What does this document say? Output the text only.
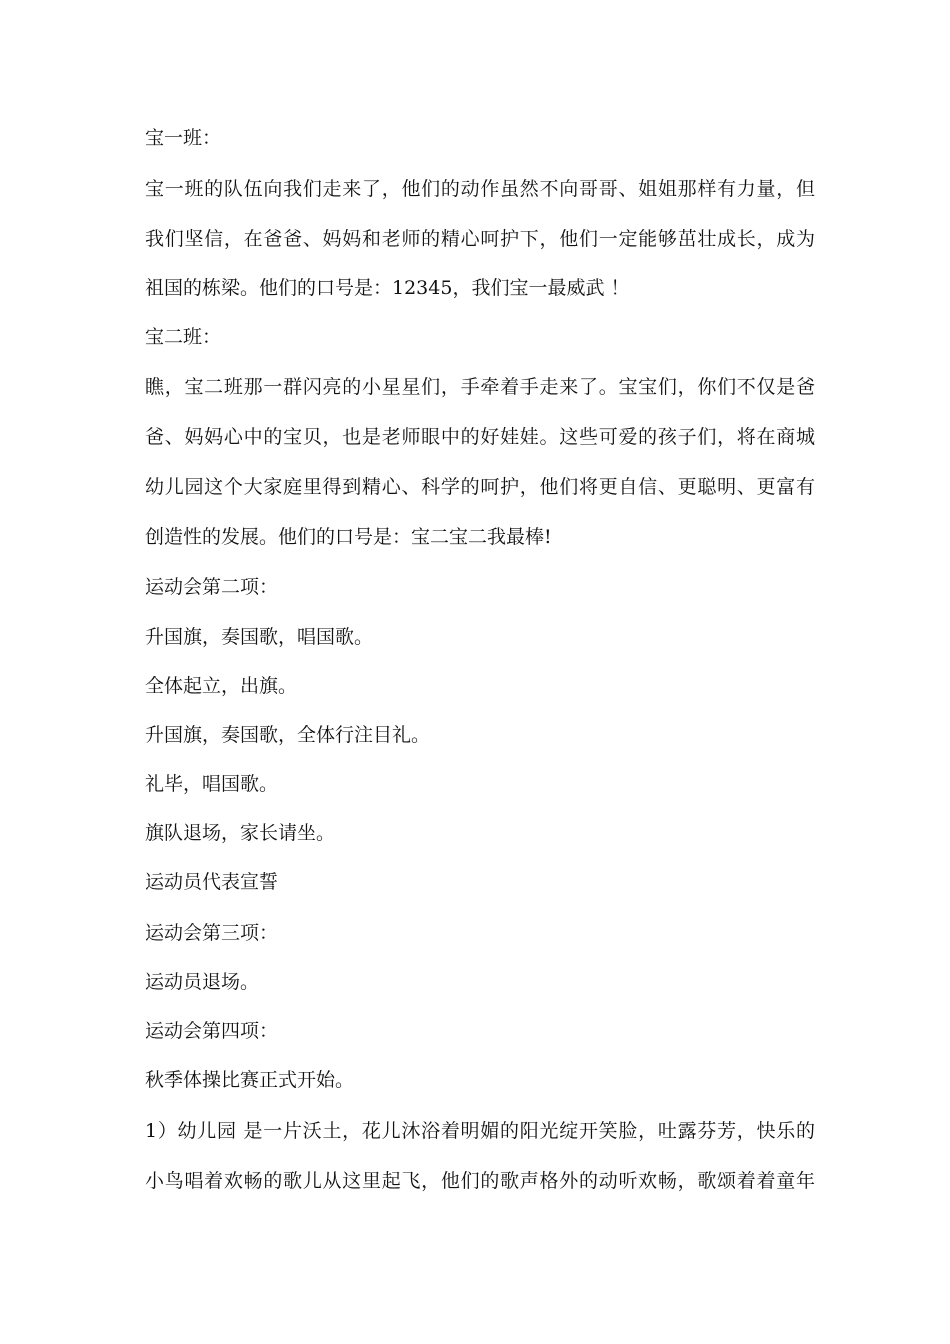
宝一班：
宝一班的队伍向我们走来了，他们的动作虽然不向哥哥、姐姐那样有力量，但
我们坚信，在爸爸、妈妈和老师的精心呵护下，他们一定能够茁壮成长，成为
祖国的栋梁。他们的口号是：12345，我们宝一最威武 ！
宝二班：
瞧，宝二班那一群闪亮的小星星们，手牵着手走来了。宝宝们，你们不仅是爸
爸、妈妈心中的宝贝，也是老师眼中的好娃娃。这些可爱的孩子们，将在商城
幼儿园这个大家庭里得到精心、科学的呵护，他们将更自信、更聪明、更富有
创造性的发展。他们的口号是：宝二宝二我最棒!
运动会第二项：
升国旗，奏国歌，唱国歌。
全体起立，出旗。
升国旗，奏国歌，全体行注目礼。
礼毕，唱国歌。
旗队退场，家长请坐。
运动员代表宣誓
运动会第三项：
运动员退场。
运动会第四项：
秋季体操比赛正式开始。
1）幼儿园 是一片沃土，花儿沐浴着明媚的阳光绽开笑脸，吐露芬芳，快乐的
小鸟唱着欢畅的歌儿从这里起飞，他们的歌声格外的动听欢畅，歌颂着着童年
